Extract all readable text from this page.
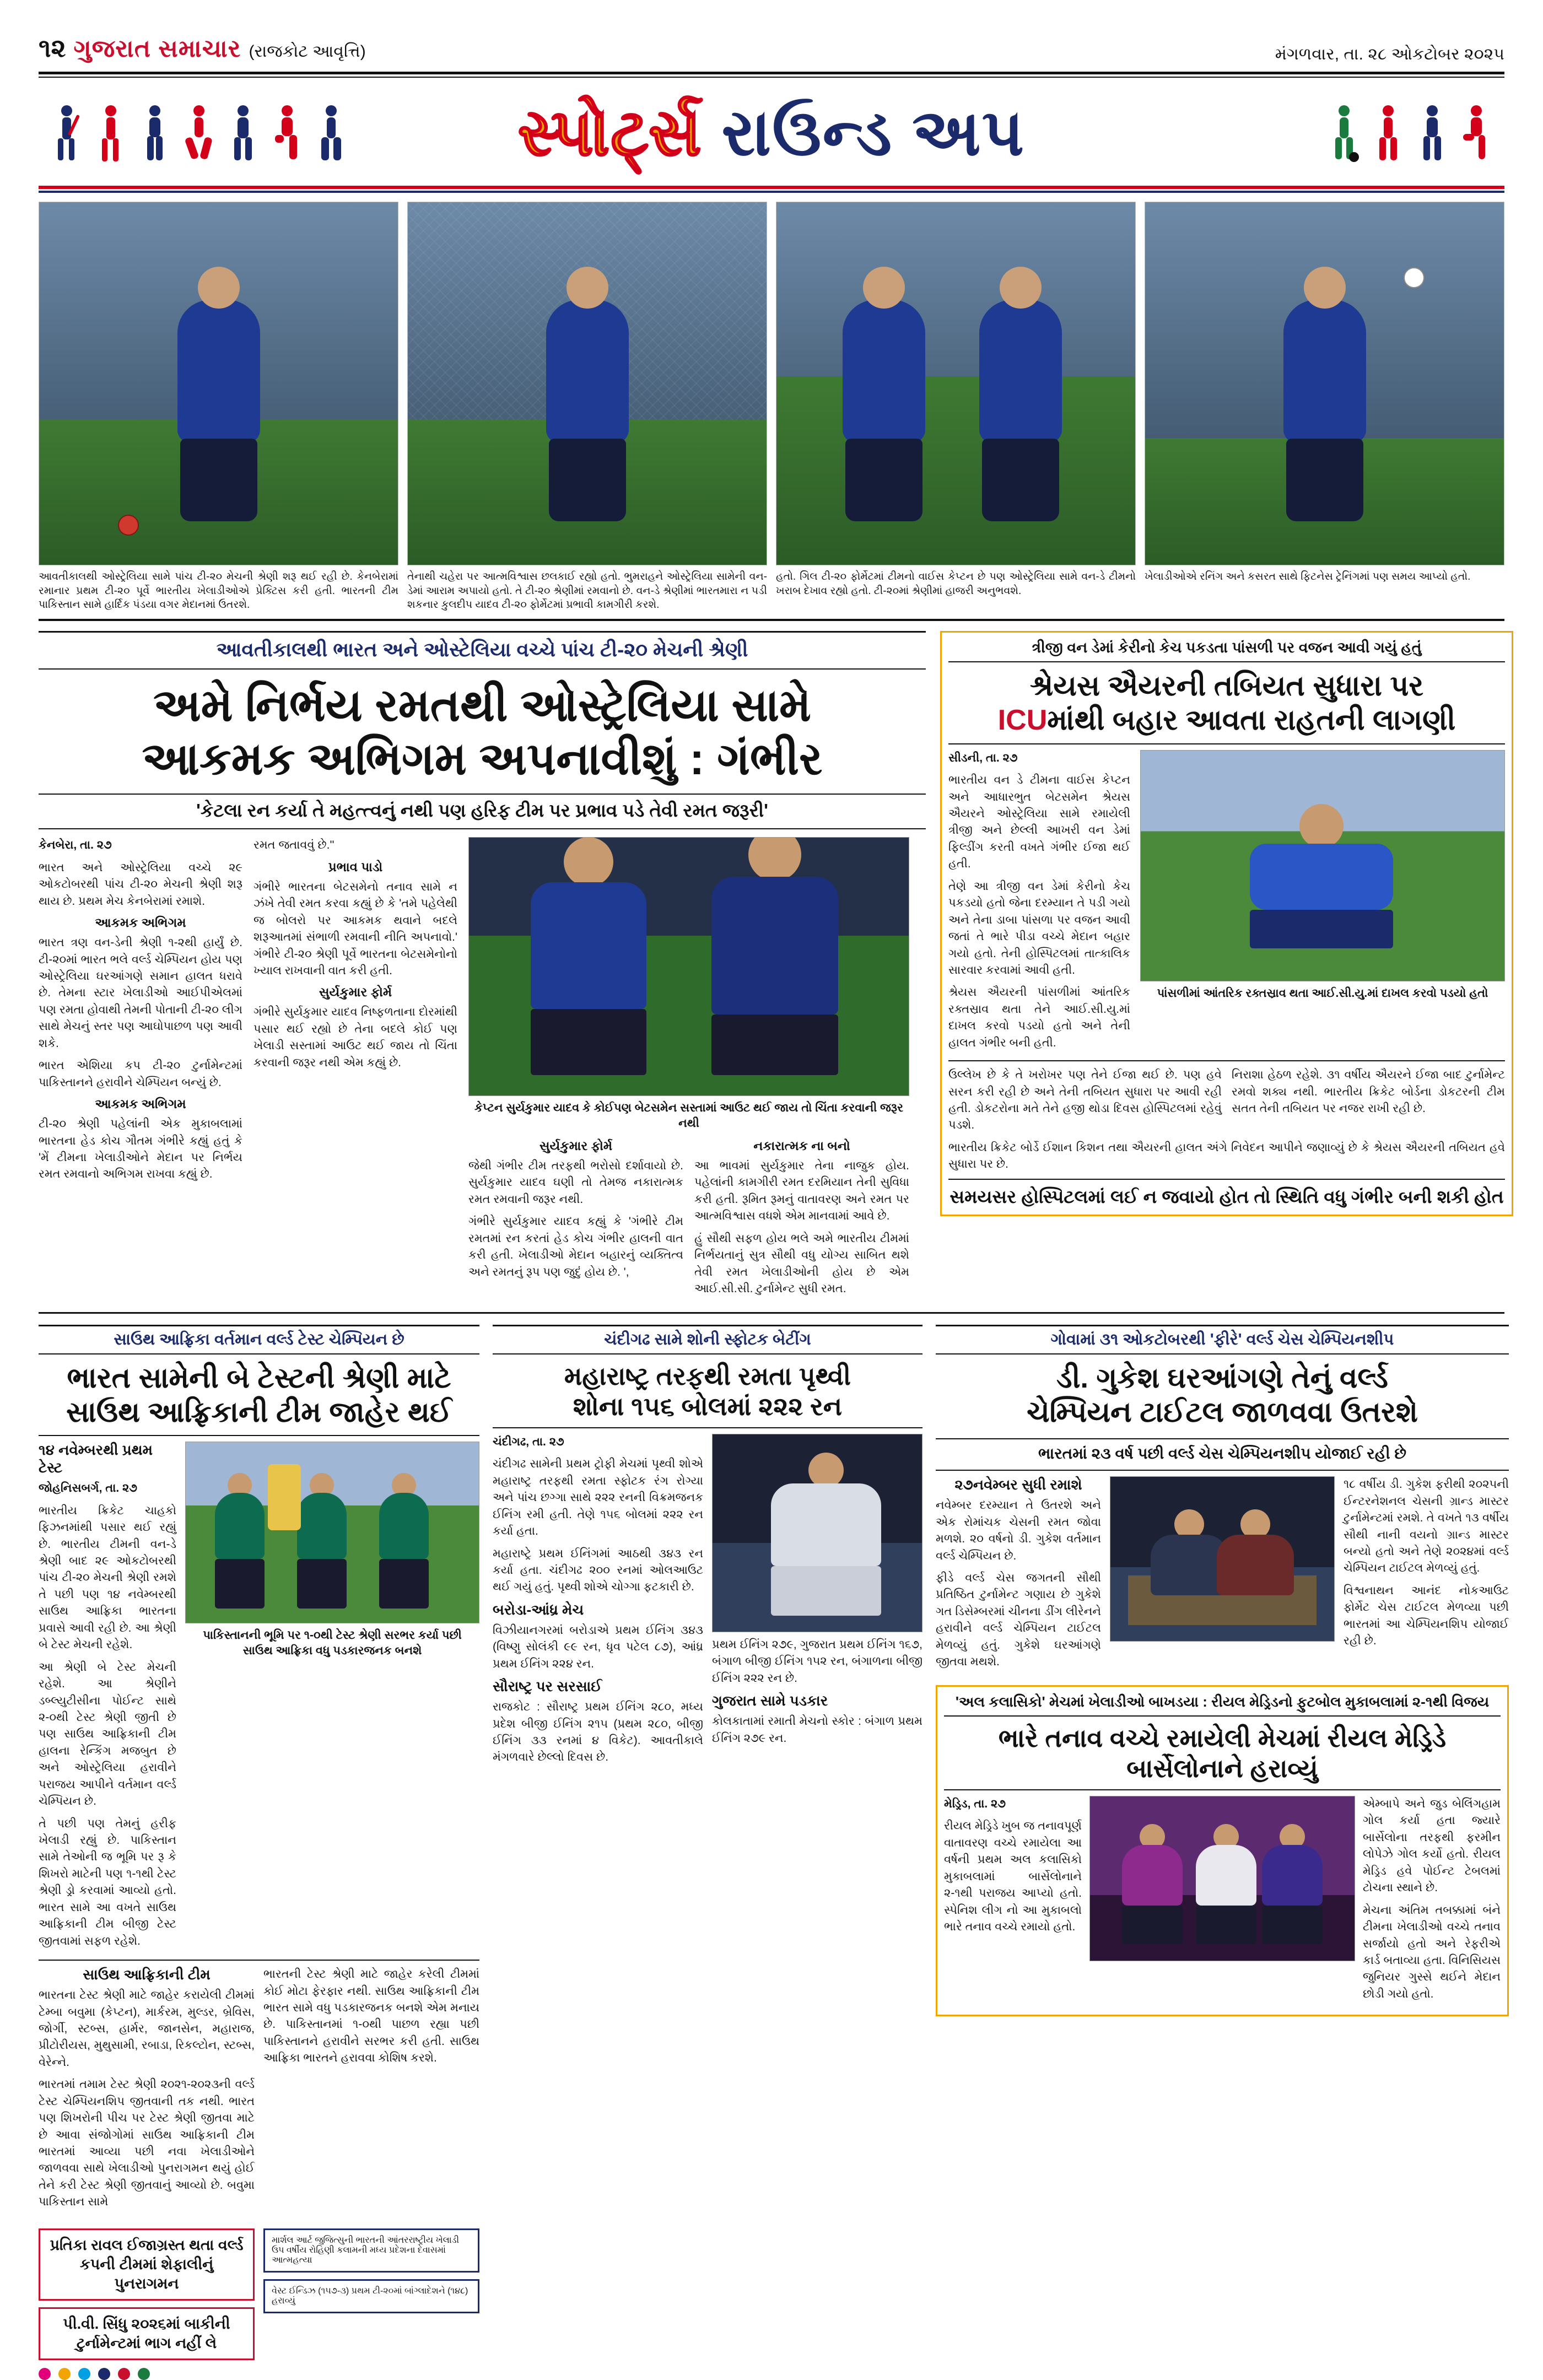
૧૨ ગુજરાત સમાચાર (રાજકોટ આવૃત્તિ)	મંગળવાર, તા. ૨૮ ઓકટોબર ૨૦૨૫
સ્પોર્ટ્સ રાઉન્ડ અપ
આવતીકાલથી ઓસ્ટ્રેલિયા સામે પાંચ ટી-૨૦ મેચની શ્રેણી શરૂ થઈ રહી છે. કેનબેરામાં રમાનાર પ્રથમ ટી-૨૦ પૂર્વે ભારતીય ખેલાડીઓએ પ્રેક્ટિસ કરી હતી. ભારતની ટીમ પાકિસ્તાન સામે હાર્દિક પંડયા વગર મેદાનમાં ઉતરશે.
તેનાથી ચહેરા પર આત્મવિશ્વાસ છલકાઈ રહ્યો હતો. ભુમરાહને ઓસ્ટ્રેલિયા સામેની વન-ડેમાં આરામ અપાયો હતો. તે ટી-૨૦ શ્રેણીમાં રમવાનો છે. વન-ડે શ્રેણીમાં ભારતમારા ન પડી શકનાર કુલદીપ યાદવ ટી-૨૦ ફોર્મેટમાં પ્રભાવી કામગીરી કરશે.
હતો. ગિલ ટી-૨૦ ફોર્મેટમાં ટીમનો વાઈસ કેપ્ટન છે પણ ઓસ્ટ્રેલિયા સામે વન-ડે ટીમનો ખરાબ દેખાવ રહ્યો હતો. ટી-૨૦માં શ્રેણીમાં હાજરી અનુભવશે.
ખેલાડીઓએ રનિંગ અને કસરત સાથે ફિટનેસ ટ્રેનિંગમાં પણ સમય આપ્યો હતો.
આવતીકાલથી ભારત અને ઓસ્ટેલિયા વચ્ચે પાંચ ટી-૨૦ મેચની શ્રેણી
અમે નિર્ભય રમતથી ઓસ્ટ્રેલિયા સામે
આકમક અભિગમ અપનાવીશું : ગંભીર
'કેટલા રન કર્યા તે મહત્ત્વનું નથી પણ હરિફ ટીમ પર પ્રભાવ પડે તેવી રમત જરૂરી'

કેનબેરા, તા. ૨૭

ભારત અને ઓસ્ટ્રેલિયા વચ્ચે ૨૯ ઓકટોબરથી પાંચ ટી-૨૦ મેચની શ્રેણી શરૂ થાય છે. પ્રથમ મેચ કેનબેરામાં રમાશે.

આકમક અભિગમ

ભારત ત્રણ વન-ડેની શ્રેણી ૧-૨થી હાર્યું છે. ટી-૨૦માં ભારત ભલે વર્લ્ડ ચેમ્પિયન હોય પણ ઓસ્ટ્રેલિયા ઘરઆંગણે સમાન હાલત ધરાવે છે. તેમના સ્ટાર ખેલાડીઓ આઈપીએલમાં પણ રમતા હોવાથી તેમની પોતાની ટી-૨૦ લીગ સાથે મેચનું સ્તર પણ આઘોપાછળ પણ આવી શકે.

ભારત એશિયા કપ ટી-૨૦ ટુર્નામેન્ટમાં પાકિસ્તાનને હરાવીને ચેમ્પિયન બન્યું છે.

આકમક અભિગમ

ટી-૨૦ શ્રેણી પહેલાંની એક મુકાબલામાં ભારતના હેડ કોચ ગૌતમ ગંભીરે કહ્યું હતું કે 'મેં ટીમના ખેલાડીઓને મેદાન પર નિર્ભય રમત રમવાનો અભિગમ રાખવા કહ્યું છે.

રમત જતાવવું છે.''

પ્રભાવ પાડો

ગંભીરે ભારતના બેટસમેનો તનાવ સામે ન ઝંખે તેવી રમત કરવા કહ્યું છે કે 'તમે પહેલેથી જ બોલરો પર આકમક થવાને બદલે શરૂઆતમાં સંભાળી રમવાની નીતિ અપનાવો.' ગંભીરે ટી-૨૦ શ્રેણી પૂર્વે ભારતના બેટસમેનોનો ખ્યાલ રાખવાની વાત કરી હતી.

સુર્યકુમાર ફોર્મ

ગંભીરે સુર્યકુમાર યાદવ નિષ્ફળતાના દોરમાંથી પસાર થઈ રહ્યો છે તેના બદલે કોઈ પણ ખેલાડી સસ્તામાં આઉટ થઈ જાય તો ચિંતા કરવાની જરૂર નથી એમ કહ્યું છે.

કેપ્ટન સુર્યકુમાર યાદવ કે કોઈપણ બેટસમેન સસ્તામાં આઉટ થઈ જાય તો ચિંતા કરવાની જરૂર નથી
સુર્યકુમાર ફોર્મ

જેથી ગંભીર ટીમ તરફથી ભરોસો દર્શાવાયો છે. સુર્યકુમાર યાદવ ઘણી તો તેમજ નકારાત્મક રમત રમવાની જરૂર નથી.

ગંભીરે સુર્યકુમાર યાદવ કહ્યું કે 'ગંભીરે ટીમ રમતમાં રન કરતાં હેડ કોચ ગંભીર હાલની વાત કરી હતી. ખેલાડીઓ મેદાન બહારનું વ્યક્તિત્વ અને રમતનું રૂપ પણ જુદું હોય છે. ',

નકારાત્મક ના બનો

આ ભાવમાં સુર્યકુમાર તેના નાજુક હોય. પહેલાંની કામગીરી રમત દરમિયાન તેની સુવિધા કરી હતી. રૂમિત રૂમનું વાતાવરણ અને રમત પર આત્મવિશ્વાસ વધશે એમ માનવામાં આવે છે.

હું સૌથી સફળ હોય ભલે અમે ભારતીય ટીમમાં નિર્ભયતાનું સુત્ર સૌથી વધુ યોગ્ય સાબિત થશે તેવી રમત ખેલાડીઓની હોય છે એમ આઈ.સી.સી. ટુર્નામેન્ટ સુધી રમત.

ત્રીજી વન ડેમાં કેરીનો કેચ પકડતા પાંસળી પર વજન આવી ગયું હતું
શ્રેયસ ઐયરની તબિયત સુધારા પર
ICUમાંથી બહાર આવતા રાહતની લાગણી

સીડની, તા. ૨૭

ભારતીય વન ડે ટીમના વાઈસ કેપ્ટન અને આધારભુત બેટસમેન શ્રેયસ ઐયરને ઓસ્ટ્રેલિયા સામે રમાયેલી ત્રીજી અને છેલ્લી આખરી વન ડેમાં ફિલ્ડીંગ કરતી વખતે ગંભીર ઈજા થઈ હતી.

તેણે આ ત્રીજી વન ડેમાં કેરીનો કેચ પકડયો હતો જેના દરમ્યાન તે પડી ગયો અને તેના ડાબા પાંસળા પર વજન આવી જતાં તે ભારે પીડા વચ્ચે મેદાન બહાર ગયો હતો. તેની હોસ્પિટલમાં તાત્કાલિક સારવાર કરવામાં આવી હતી.

શ્રેયસ ઐયરની પાંસળીમાં આંતરિક રક્તસ્રાવ થતા તેને આઈ.સી.યુ.માં દાખલ કરવો પડયો હતો અને તેની હાલત ગંભીર બની હતી.

પાંસળીમાં આંતરિક રક્તસ્રાવ થતા આઈ.સી.યુ.માં દાખલ કરવો પડયો હતો

ઉલ્લેખ છે કે તે ખરોખર પણ તેને ઈજા થઈ છે. પણ હવે સરન કરી રહી છે અને તેની તબિયત સુધારા પર આવી રહી હતી. ડોકટરોના મતે તેને હજી થોડા દિવસ હોસ્પિટલમાં રહેવું પડશે.

નિરાશા હેઠળ રહેશે. ૩૧ વર્ષીય ઐયરને ઈજા બાદ ટુર્નામેન્ટ રમવો શક્ય નથી. ભારતીય ક્રિકેટ બોર્ડના ડોકટરની ટીમ સતત તેની તબિયત પર નજર રાખી રહી છે.

ભારતીય ક્રિકેટ બોર્ડે ઈશાન કિશન તથા ઐયરની હાલત અંગે નિવેદન આપીને જણાવ્યું છે કે શ્રેયસ ઐયરની તબિયત હવે સુધારા પર છે.

સમયસર હોસ્પિટલમાં લઈ ન જવાયો હોત તો સ્થિતિ વધુ ગંભીર બની શકી હોત
સાઉથ આફ્રિકા વર્તમાન વર્લ્ડ ટેસ્ટ ચેમ્પિયન છે
ભારત સામેની બે ટેસ્ટની શ્રેણી માટે
સાઉથ આફ્રિકાની ટીમ જાહેર થઈ
૧૪ નવેમ્બરથી પ્રથમ ટેસ્ટ

જોહનિસબર્ગ, તા. ૨૭

ભારતીય ક્રિકેટ ચાહકો ફિઝનમાંથી પસાર થઈ રહ્યું છે. ભારતીય ટીમની વન-ડે શ્રેણી બાદ ૨૯ ઓકટોબરથી પાંચ ટી-૨૦ મેચની શ્રેણી રમશે તે પછી પણ ૧૪ નવેમ્બરથી સાઉથ આફ્રિકા ભારતના પ્રવાસે આવી રહી છે. આ શ્રેણી બે ટેસ્ટ મેચની રહેશે.

આ શ્રેણી બે ટેસ્ટ મેચની રહેશે. આ શ્રેણીને ડબ્લ્યુટીસીના પોઈન્ટ સાથે ૨-૦થી ટેસ્ટ શ્રેણી જીતી છે પણ સાઉથ આફ્રિકાની ટીમ હાલના રેન્કિંગ મજબુત છે અને ઓસ્ટ્રેલિયા હરાવીને પરાજય આપીને વર્તમાન વર્લ્ડ ચેમ્પિયન છે.

તે પછી પણ તેમનું હરીફ ખેલાડી રહ્યું છે. પાકિસ્તાન સામે તેઓની જ ભૂમિ પર રૂ કે શિખરો માટેની પણ ૧-૧થી ટેસ્ટ શ્રેણી ડ્રો કરવામાં આવ્યો હતો. ભારત સામે આ વખતે સાઉથ આફ્રિકાની ટીમ બીજી ટેસ્ટ જીતવામાં સફળ રહેશે.

પાકિસ્તાનની ભૂમિ પર ૧-૦થી ટેસ્ટ શ્રેણી સરભર કર્યા પછી સાઉથ આફ્રિકા વધુ પડકારજનક બનશે
સાઉથ આફ્રિકાની ટીમ

ભારતના ટેસ્ટ શ્રેણી માટે જાહેર કરાયેલી ટીમમાં ટેમ્બા બવુમા (કેપ્ટન), માર્કરમ, મુલ્ડર, બ્રેવિસ, જોર્ગી, સ્ટબ્સ, હાર્મર, જાનસેન, મહારાજ, પ્રીટોરીયસ, મુથુસામી, રબાડા, રિકલ્ટોન, સ્ટબ્સ, વેરેન્ને.

ભારતમાં તમામ ટેસ્ટ શ્રેણી ૨૦૨૧-૨૦૨૩ની વર્લ્ડ ટેસ્ટ ચેમ્પિયનશિપ જીતવાની તક નથી. ભારત પણ શિખરોની પીચ પર ટેસ્ટ શ્રેણી જીતવા માટે છે આવા સંજોગોમાં સાઉથ આફ્રિકાની ટીમ ભારતમાં આવ્યા પછી નવા ખેલાડીઓને જાળવવા સાથે ખેલાડીઓ પુનરાગમન થયું હોઈ તેને કરી ટેસ્ટ શ્રેણી જીતવાનું આવ્યો છે. બવુમા પાકિસ્તાન સામે

ભારતની ટેસ્ટ શ્રેણી માટે જાહેર કરેલી ટીમમાં કોઈ મોટા ફેરફાર નથી. સાઉથ આફ્રિકાની ટીમ ભારત સામે વધુ પડકારજનક બનશે એમ મનાય છે. પાકિસ્તાનમાં ૧-૦થી પાછળ રહ્યા પછી પાકિસ્તાનને હરાવીને સરભર કરી હતી. સાઉથ આફ્રિકા ભારતને હરાવવા કોશિષ કરશે.

પ્રતિકા રાવલ ઈજાગ્રસ્ત થતા વર્લ્ડ કપની ટીમમાં શેફાલીનું પુનરાગમન
પી.વી. સિંધુ ૨૦૨૬માં બાકીની ટુર્નામેન્ટમાં ભાગ નહીં લે
માર્શલ આર્ટ જુજિત્સુની ભારતની આંતરરાષ્ટ્રીય ખેલાડી ઉપ વર્ષીય રોહિણી કલામની મધ્ય પ્રદેશના દેવાસમાં આત્મહત્યા
વેસ્ટ ઈન્ડિઝ (૧૫૭-૩) પ્રથમ ટી-૨૦માં બાંગ્લાદેશને (૧૪૮) હરાવ્યું
ચંદીગઢ સામે શોની સ્ફોટક બેટીંગ
મહારાષ્ટ્ર તરફથી રમતા પૃથ્વી
શોના ૧૫૬ બોલમાં ૨૨૨ રન

ચંદીગઢ, તા. ૨૭

ચંદીગઢ સામેની પ્રથમ ટ્રોફી મેચમાં પૃથ્વી શોએ મહારાષ્ટ્ર તરફથી રમતા સ્ફોટક રંગ રોગ્યા અને પાંચ છગ્ગા સાથે ૨૨૨ રનની વિક્રમજનક ઈનિંગ રમી હતી. તેણે ૧૫૬ બોલમાં ૨૨૨ રન કર્યા હતા.

મહારાષ્ટ્રે પ્રથમ ઈનિંગમાં આઠથી ૩૪૩ રન કર્યા હતા. ચંદીગઢ ૨૦૦ રનમાં ઓલઆઉટ થઈ ગયું હતું. પૃથ્વી શોએ ચોગ્ગા ફટકારી છે.

બરોડા-આંધ્ર મેચ

વિઝીયાનગરમાં બરોડાએ પ્રથમ ઈનિંગ ૩૪૩ (વિષ્ણુ સોલંકી ૯૯ રન, ધૃવ પટેલ ૮૭), આંધ્ર પ્રથમ ઈનિંગ ૨૨૪ રન.

સૌરાષ્ટ્ર પર સરસાઈ

રાજકોટ : સૌરાષ્ટ્ર પ્રથમ ઈનિંગ ૨૮૦, મધ્ય પ્રદેશ બીજી ઈનિંગ ૨૧૫ (પ્રથમ ૨૮૦, બીજી ઈનિંગ ૩૩ રનમાં ૪ વિકેટ). આવતીકાલે મંગળવારે છેલ્લો દિવસ છે.

પ્રથમ ઈનિંગ ૨૭૯, ગુજરાત પ્રથમ ઈનિંગ ૧૬૭, બંગાળ બીજી ઈનિંગ ૧૫૨ રન, બંગાળના બીજી ઈનિંગ ૨૨૨ રન છે.

ગુજરાત સામે પડકાર

કોલકાતામાં રમાતી મેચનો સ્કોર : બંગાળ પ્રથમ ઈનિંગ ૨૭૯ રન.

ગોવામાં ૩૧ ઓકટોબરથી 'ફીરે' વર્લ્ડ ચેસ ચેમ્પિયનશીપ
ડી. ગુકેશ ઘરઆંગણે તેનું વર્લ્ડ
ચેમ્પિયન ટાઈટલ જાળવવા ઉતરશે
ભારતમાં ૨૩ વર્ષ પછી વર્લ્ડ ચેસ ચેમ્પિયનશીપ યોજાઈ રહી છે
૨૭નવેમ્બર સુધી રમાશે

નવેમ્બર દરમ્યાન તે ઉતરશે અને એક રોમાંચક ચેસની રમત જોવા મળશે. ૨૦ વર્ષનો ડી. ગુકેશ વર્તમાન વર્લ્ડ ચેમ્પિયન છે.

ફીડે વર્લ્ડ ચેસ જગતની સૌથી પ્રતિષ્ઠિત ટુર્નામેન્ટ ગણાય છે ગુકેશે ગત ડિસેમ્બરમાં ચીનના ડીંગ લીરેનને હરાવીને વર્લ્ડ ચેમ્પિયન ટાઈટલ મેળવ્યું હતું. ગુકેશે ઘરઆંગણે જીતવા મથશે.

૧૮ વર્ષીય ડી. ગુકેશ ફરીથી ૨૦૨૫ની ઈન્ટરનેશનલ ચેસની ગ્રાન્ડ માસ્ટર ટુર્નામેન્ટમાં રમશે. તે વખતે ૧૩ વર્ષીય સૌથી નાની વયનો ગ્રાન્ડ માસ્ટર બન્યો હતો અને તેણે ૨૦૨૪માં વર્લ્ડ ચેમ્પિયન ટાઈટલ મેળવ્યું હતું.

વિશ્વનાથન આનંદ નોકઆઉટ ફોર્મેટ ચેસ ટાઈટલ મેળવ્યા પછી ભારતમાં આ ચેમ્પિયનશિપ યોજાઈ રહી છે.

'અલ કલાસિકો' મેચમાં ખેલાડીઓ બાખડયા : રીયલ મેડ્રિડનો ફુટબોલ મુકાબલામાં ૨-૧થી વિજય
ભારે તનાવ વચ્ચે રમાયેલી મેચમાં રીયલ મેડ્રિડે બાર્સેલોનાને હરાવ્યું

મેડ્રિડ, તા. ૨૭

રીયલ મેડ્રિડે ખુબ જ તનાવપૂર્ણ વાતાવરણ વચ્ચે રમાયેલા આ વર્ષની પ્રથમ અલ કલાસિકો મુકાબલામાં બાર્સેલોનાને ૨-૧થી પરાજય આપ્યો હતો. સ્પેનિશ લીગ નો આ મુકાબલો ભારે તનાવ વચ્ચે રમાયો હતો.

એમ્બાપે અને જુડ બેલિંગહામ ગોલ કર્યા હતા જ્યારે બાર્સેલોના તરફથી ફરમીન લોપેઝે ગોલ કર્યો હતો. રીયલ મેડ્રિડ હવે પોઈન્ટ ટેબલમાં ટોચના સ્થાને છે.

મેચના અંતિમ તબક્કામાં બંને ટીમના ખેલાડીઓ વચ્ચે તનાવ સર્જાયો હતો અને રેફરીએ કાર્ડ બતાવ્યા હતા. વિનિસિયસ જુનિયર ગુસ્સે થઈને મેદાન છોડી ગયો હતો.
